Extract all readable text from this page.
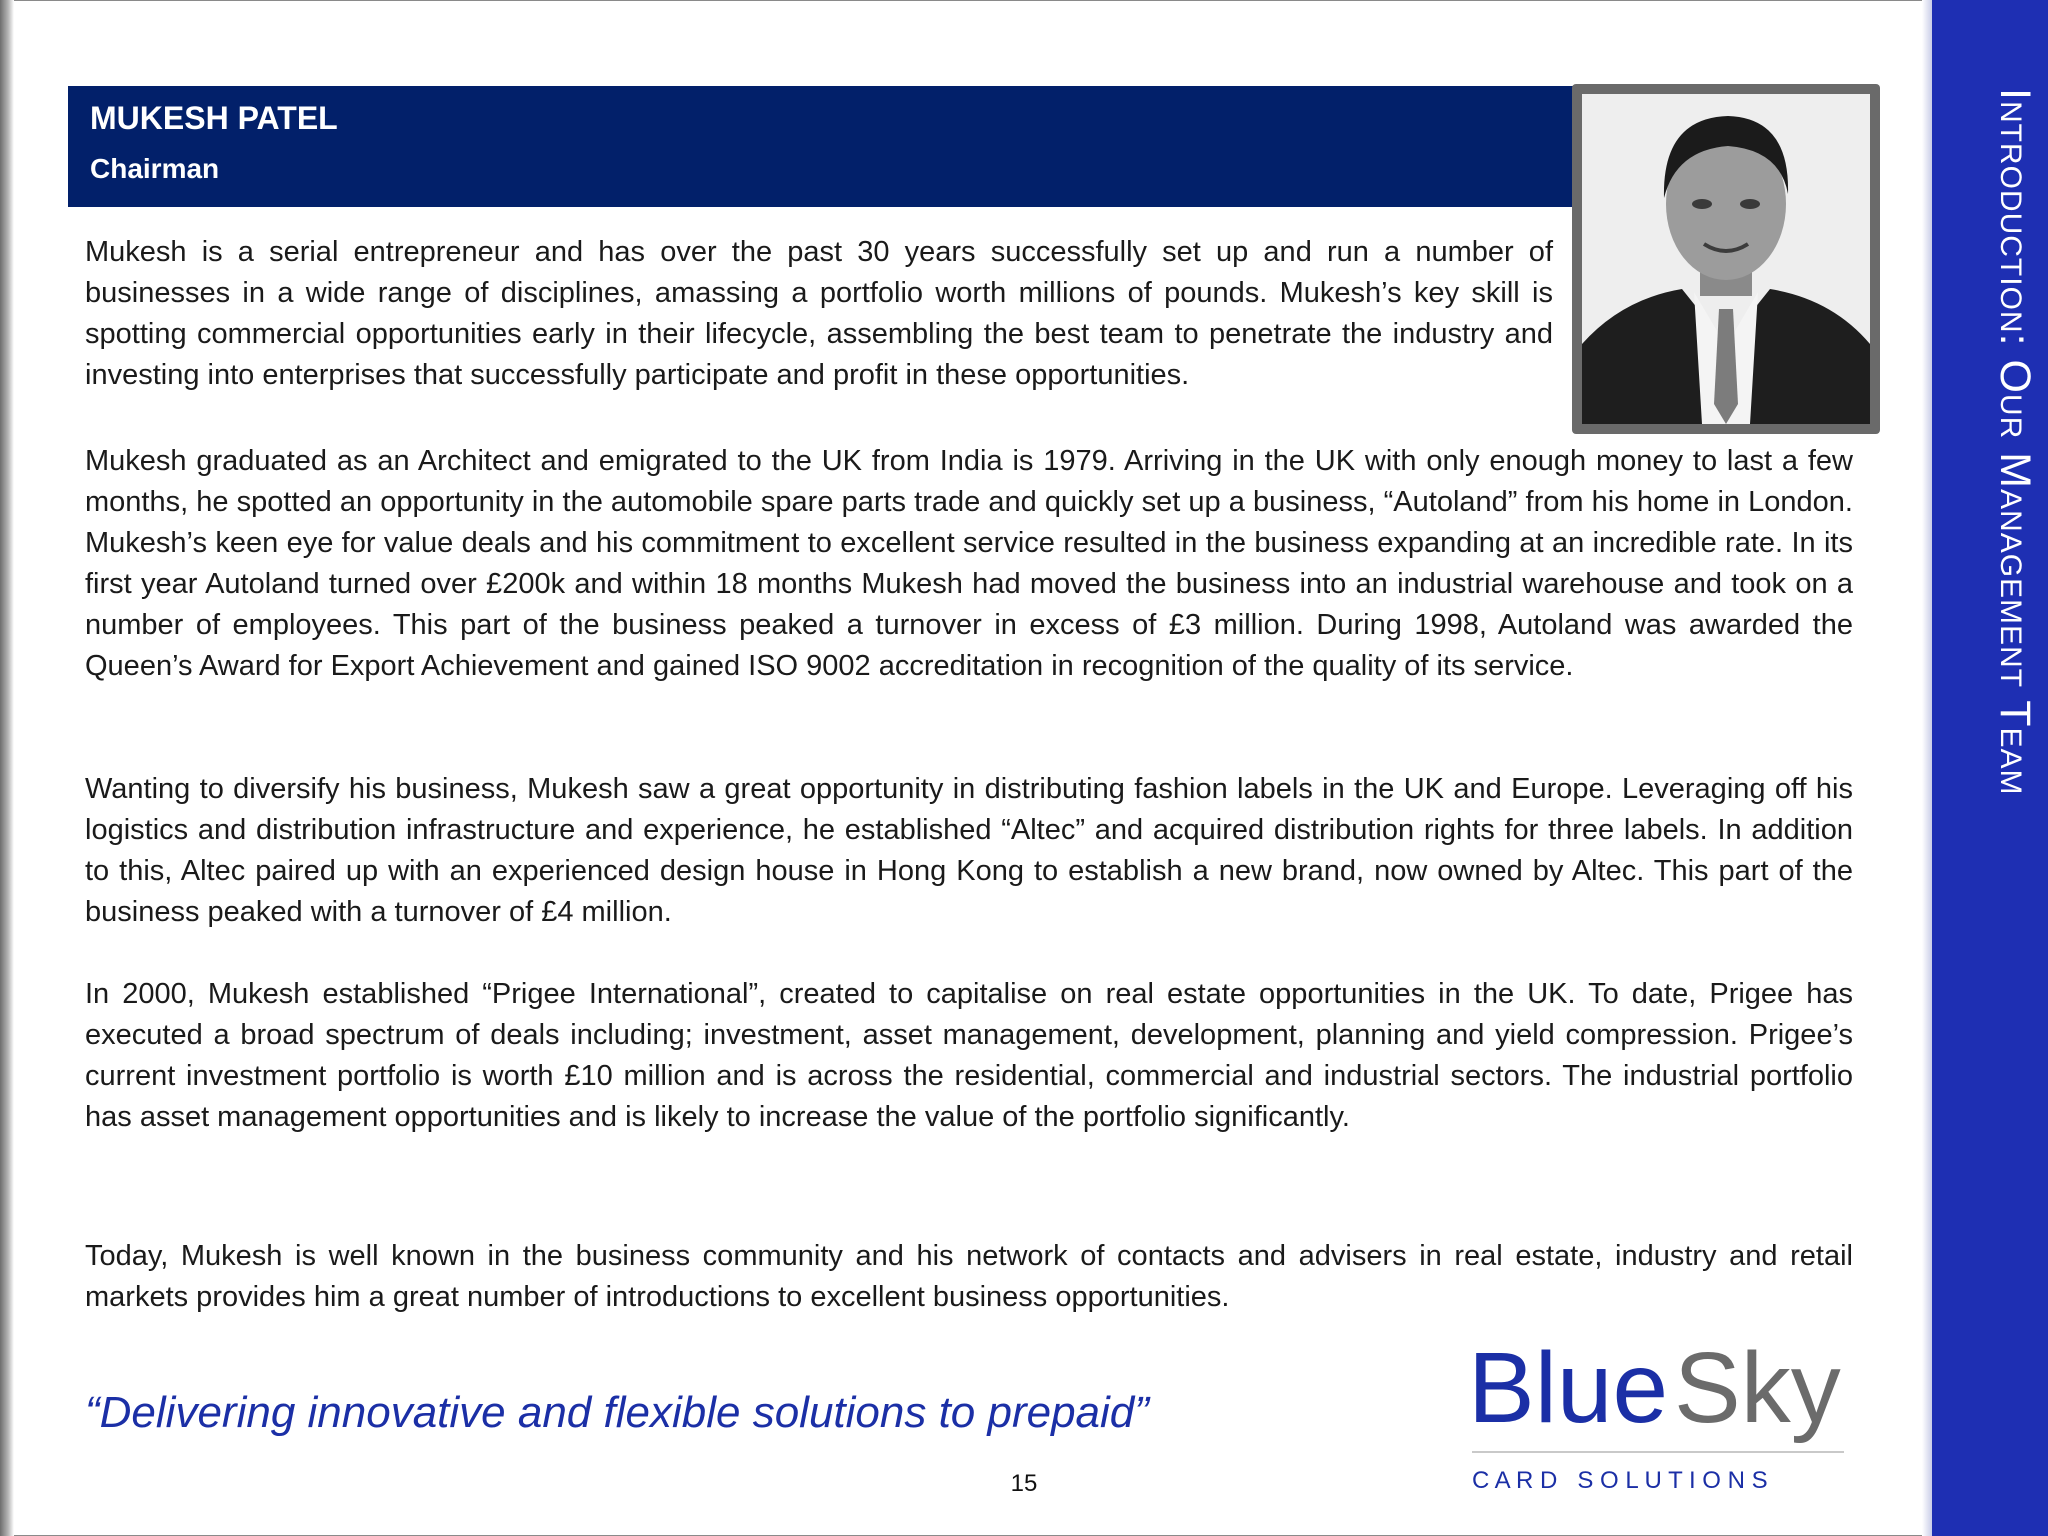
Introduction: Our Management Team
MUKESH PATEL
Chairman

Mukesh is a serial entrepreneur and has over the past 30 years successfully set up and run a number of businesses in a wide range of disciplines, amassing a portfolio worth millions of pounds. Mukesh’s key skill is spotting commercial opportunities early in their lifecycle, assembling the best team to penetrate the industry and investing into enterprises that successfully participate and profit in these opportunities.

Mukesh graduated as an Architect and emigrated to the UK from India is 1979. Arriving in the UK with only enough money to last a few months, he spotted an opportunity in the automobile spare parts trade and quickly set up a business, “Autoland” from his home in London. Mukesh’s keen eye for value deals and his commitment to excellent service resulted in the business expanding at an incredible rate. In its first year Autoland turned over £200k and within 18 months Mukesh had moved the business into an industrial warehouse and took on a number of employees. This part of the business peaked a turnover in excess of £3 million. During 1998, Autoland was awarded the Queen’s Award for Export Achievement and gained ISO 9002 accreditation in recognition of the quality of its service.

Wanting to diversify his business, Mukesh saw a great opportunity in distributing fashion labels in the UK and Europe. Leveraging off his logistics and distribution infrastructure and experience, he established “Altec” and acquired distribution rights for three labels. In addition to this, Altec paired up with an experienced design house in Hong Kong to establish a new brand, now owned by Altec. This part of the business peaked with a turnover of £4 million.

In 2000, Mukesh established “Prigee International”, created to capitalise on real estate opportunities in the UK. To date, Prigee has executed a broad spectrum of deals including; investment, asset management, development, planning and yield compression. Prigee’s current investment portfolio is worth £10 million and is across the residential, commercial and industrial sectors. The industrial portfolio has asset management opportunities and is likely to increase the value of the portfolio significantly.

Today, Mukesh is well known in the business community and his network of contacts and advisers in real estate, industry and retail markets provides him a great number of introductions to excellent business opportunities.

“Delivering innovative and flexible solutions to prepaid”
15
Blue Sky
C A R D   S O L U T I O N S
